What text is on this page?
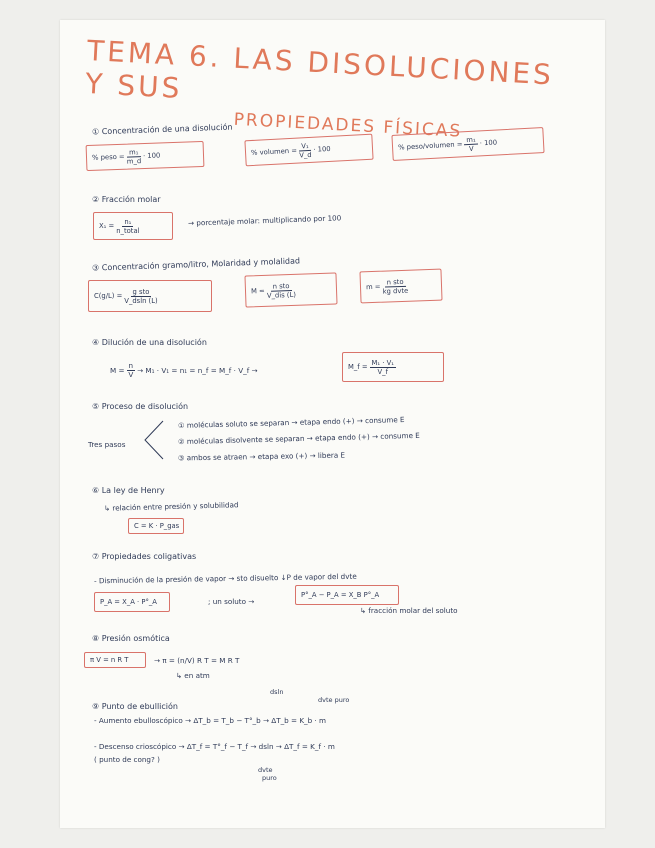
TEMA 6. LAS DISOLUCIONES Y SUS
PROPIEDADES FÍSICAS
① Concentración de una disolución
% peso = $\frac{\text{m₁}}{m\_d} \cdot 100$	% volumen = $\frac{\text{V₁}}{V\_d} \cdot 100$	% peso/volumen = $\frac{\text{m₁}}{V} \cdot 100$
② Fracción molar
$X_1 = \frac{\text{n₁}}{\text{n\_total}}$	→ porcentaje molar: multiplicando por 100
③ Concentración gramo/litro, Molaridad y molalidad
$C(g/L) = \frac{\text{g sto}}{V\_dsln (L)}$	$M = \frac{\text{n sto}}{\text{V\_dis (L)}}$	$m = \frac{\text{n sto}}{\text{kg dvte}}$
④ Dilución de una disolución
$M = \frac{n}{V} \to M_1 \cdot V_1 = n_1$ = n_f = M_f · V_f →	M_f = $\frac{\text{M₁ · V₁}}{V\_f}$
⑤ Proceso de disolución
Tres pasos
① moléculas soluto se separan → etapa endo (+) → consume E
② moléculas disolvente se separan → etapa endo (+) → consume E
③ ambos se atraen → etapa exo (+) → libera E
⑥ La ley de Henry
↳ relación entre presión y solubilidad
C = K · P_gas
⑦ Propiedades coligativas
- Disminución de la presión de vapor → sto disuelto ↓P de vapor del dvte
P_A = X_A · P°_A	; un soluto →
P°_A − P_A = X_B P°_A
↳ fracción molar del soluto
⑧ Presión osmótica
π V = n R T	→ π = (n/V) R T = M R T
↳ en atm
dsln
dvte puro
⑨ Punto de ebullición
- Aumento ebulloscópico → ΔT_b = T_b − T°_b → ΔT_b = K_b · m
- Descenso crioscópico → ΔT_f = T°_f − T_f → dsln → ΔT_f = K_f · m
( punto de cong? )
dvte
puro
